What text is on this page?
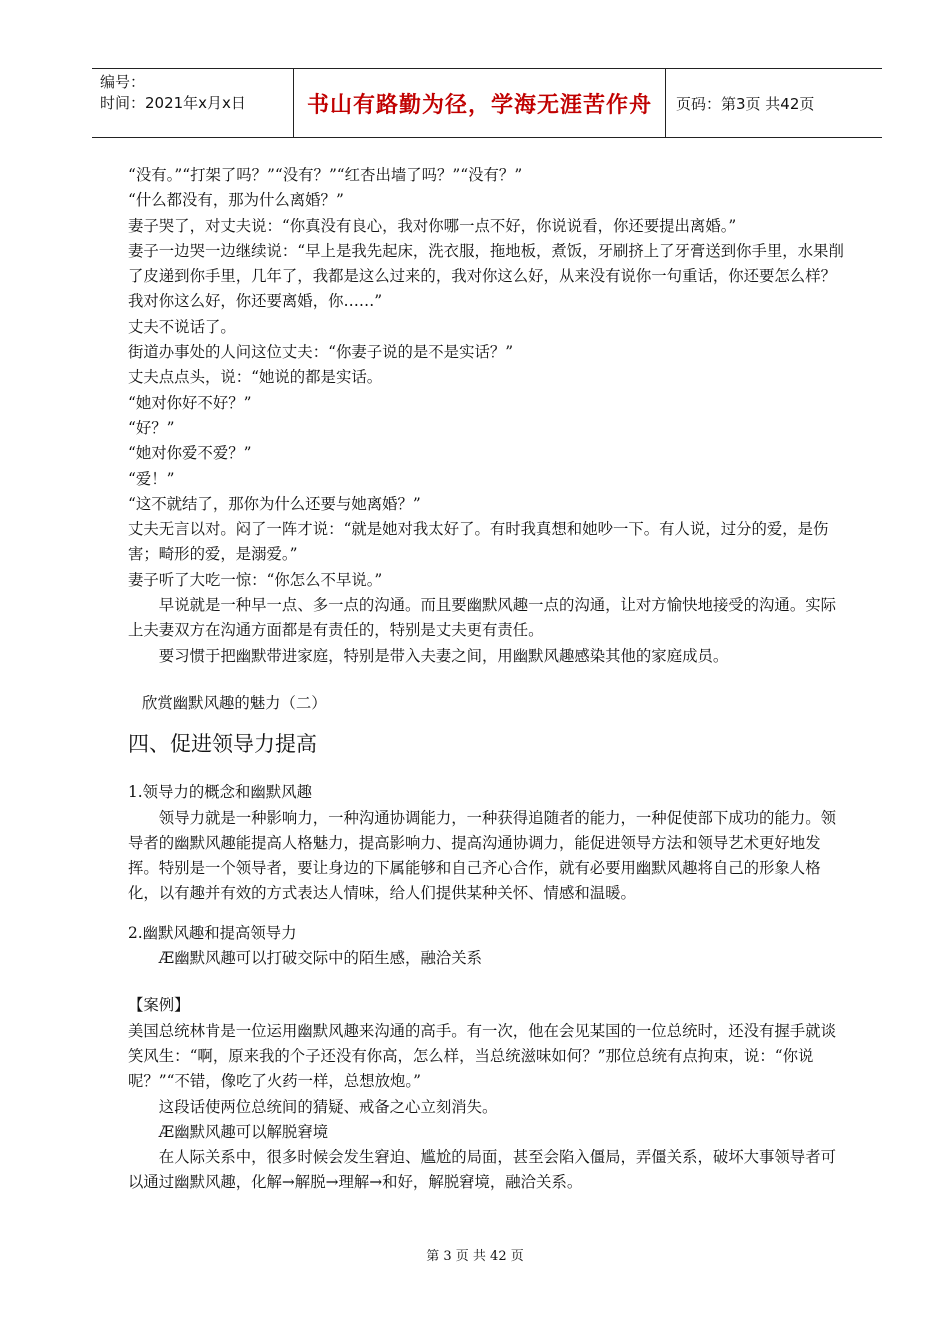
编号：
时间：2021年x月x日	书山有路勤为径，学海无涯苦作舟	页码：第3页 共42页

“没有。”“打架了吗？”“没有？”“红杏出墙了吗？”“没有？”

“什么都没有，那为什么离婚？”

妻子哭了，对丈夫说：“你真没有良心，我对你哪一点不好，你说说看，你还要提出离婚。”

妻子一边哭一边继续说：“早上是我先起床，洗衣服，拖地板，煮饭，牙刷挤上了牙膏送到你手里，水果削了皮递到你手里，几年了，我都是这么过来的，我对你这么好，从来没有说你一句重话，你还要怎么样？我对你这么好，你还要离婚，你……”

丈夫不说话了。

街道办事处的人问这位丈夫：“你妻子说的是不是实话？”

丈夫点点头，说：“她说的都是实话。

“她对你好不好？”

“好？”

“她对你爱不爱？”

“爱！”

“这不就结了，那你为什么还要与她离婚？”

丈夫无言以对。闷了一阵才说：“就是她对我太好了。有时我真想和她吵一下。有人说，过分的爱，是伤害；畸形的爱，是溺爱。”

妻子听了大吃一惊：“你怎么不早说。”

早说就是一种早一点、多一点的沟通。而且要幽默风趣一点的沟通，让对方愉快地接受的沟通。实际上夫妻双方在沟通方面都是有责任的，特别是丈夫更有责任。

要习惯于把幽默带进家庭，特别是带入夫妻之间，用幽默风趣感染其他的家庭成员。

欣赏幽默风趣的魅力（二）

四、促进领导力提高

1.领导力的概念和幽默风趣

领导力就是一种影响力，一种沟通协调能力，一种获得追随者的能力，一种促使部下成功的能力。领导者的幽默风趣能提高人格魅力，提高影响力、提高沟通协调力，能促进领导方法和领导艺术更好地发挥。特别是一个领导者，要让身边的下属能够和自己齐心合作，就有必要用幽默风趣将自己的形象人格化，以有趣并有效的方式表达人情味，给人们提供某种关怀、情感和温暖。

2.幽默风趣和提高领导力

Æ幽默风趣可以打破交际中的陌生感，融洽关系

【案例】

美国总统林肯是一位运用幽默风趣来沟通的高手。有一次，他在会见某国的一位总统时，还没有握手就谈笑风生：“啊，原来我的个子还没有你高，怎么样，当总统滋味如何？”那位总统有点拘束，说：“你说呢？”“不错，像吃了火药一样，总想放炮。”

这段话使两位总统间的猜疑、戒备之心立刻消失。

Æ幽默风趣可以解脱窘境

在人际关系中，很多时候会发生窘迫、尴尬的局面，甚至会陷入僵局，弄僵关系，破坏大事领导者可以通过幽默风趣，化解→解脱→理解→和好，解脱窘境，融洽关系。

第 3 页 共 42 页
